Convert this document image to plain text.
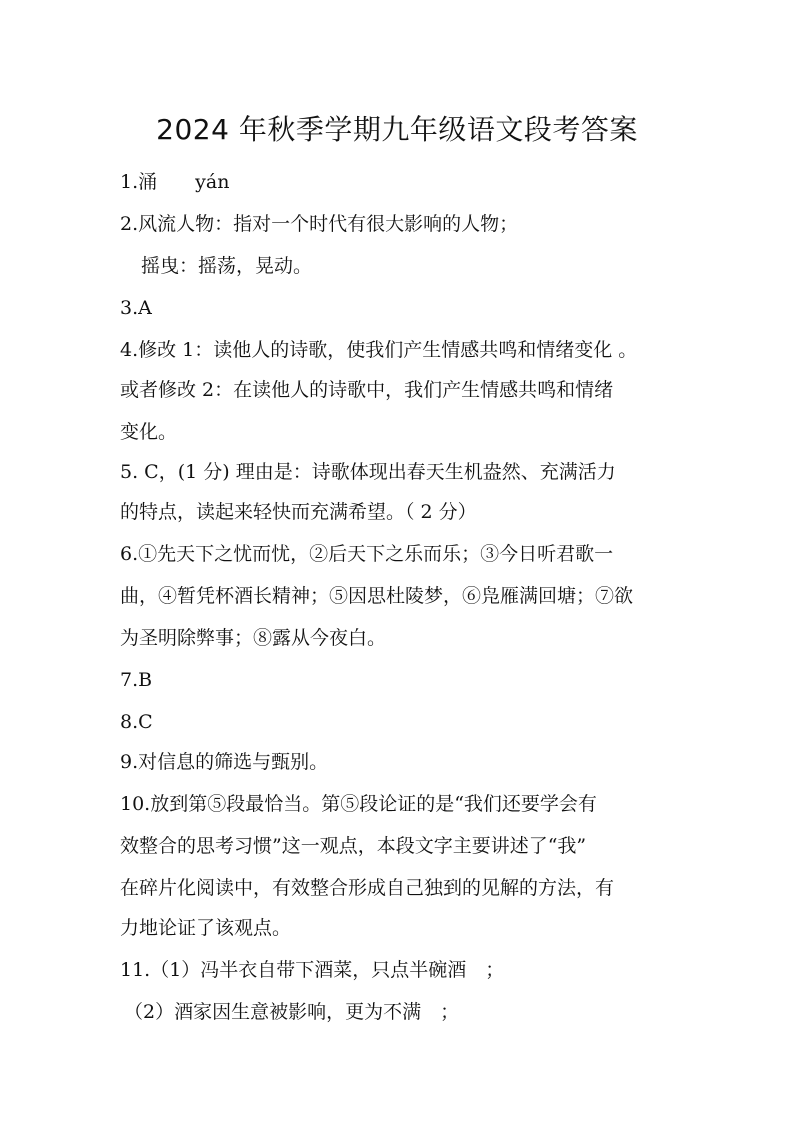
2024 年秋季学期九年级语文段考答案
1.涌　　yán
2.风流人物：指对一个时代有很大影响的人物；
摇曳：摇荡，晃动。
3.A
4.修改 1：读他人的诗歌，使我们产生情感共鸣和情绪变化 。
或者修改 2：在读他人的诗歌中，我们产生情感共鸣和情绪
变化。
5. C，(1 分) 理由是：诗歌体现出春天生机盎然、充满活力
的特点，读起来轻快而充满希望。（ 2 分）
6.①先天下之忧而忧，②后天下之乐而乐；③今日听君歌一
曲，④暂凭杯酒长精神；⑤因思杜陵梦，⑥凫雁满回塘；⑦欲
为圣明除弊事；⑧露从今夜白。
7.B
8.C
9.对信息的筛选与甄别。
10.放到第⑤段最恰当。第⑤段论证的是“我们还要学会有
效整合的思考习惯”这一观点，本段文字主要讲述了“我”
在碎片化阅读中，有效整合形成自己独到的见解的方法，有
力地论证了该观点。
11.（1）冯半衣自带下酒菜，只点半碗酒　；
（2）酒家因生意被影响，更为不满　；
